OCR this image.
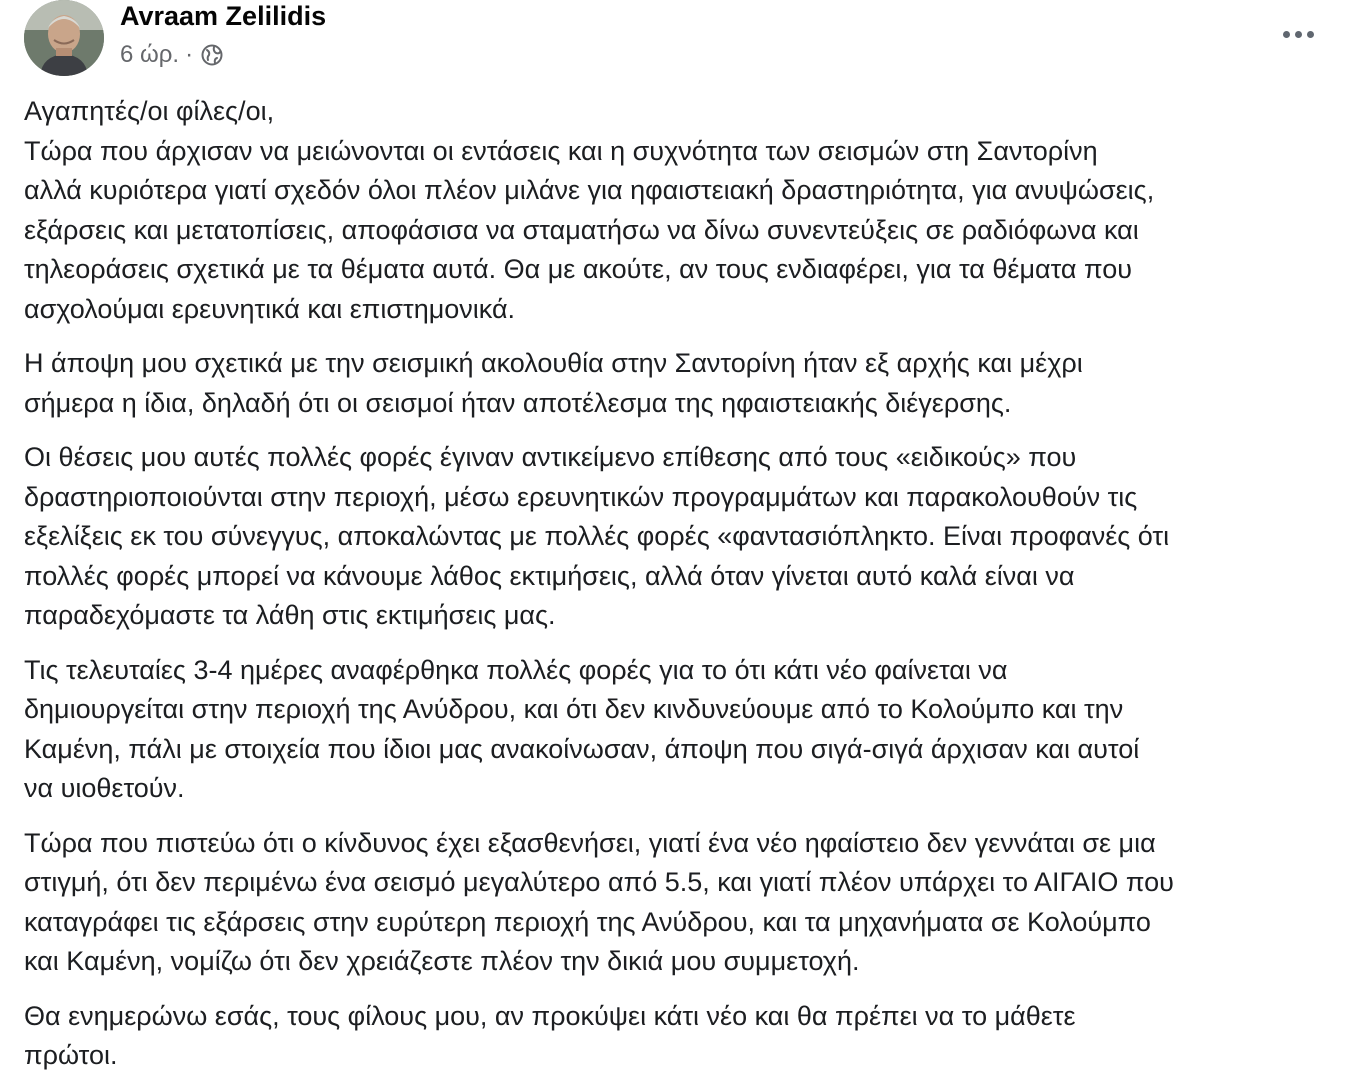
Avraam Zelilidis
6 ώρ. ·

Αγαπητές/οι φίλες/οι,
Τώρα που άρχισαν να μειώνονται οι εντάσεις και η συχνότητα των σεισμών στη Σαντορίνη
αλλά κυριότερα γιατί σχεδόν όλοι πλέον μιλάνε για ηφαιστειακή δραστηριότητα, για ανυψώσεις,
εξάρσεις και μετατοπίσεις, αποφάσισα να σταματήσω να δίνω συνεντεύξεις σε ραδιόφωνα και
τηλεοράσεις σχετικά με τα θέματα αυτά. Θα με ακούτε, αν τους ενδιαφέρει, για τα θέματα που
ασχολούμαι ερευνητικά και επιστημονικά.

Η άποψη μου σχετικά με την σεισμική ακολουθία στην Σαντορίνη ήταν εξ αρχής και μέχρι
σήμερα η ίδια, δηλαδή ότι οι σεισμοί ήταν αποτέλεσμα της ηφαιστειακής διέγερσης.

Οι θέσεις μου αυτές πολλές φορές έγιναν αντικείμενο επίθεσης από τους «ειδικούς» που
δραστηριοποιούνται στην περιοχή, μέσω ερευνητικών προγραμμάτων και παρακολουθούν τις
εξελίξεις εκ του σύνεγγυς, αποκαλώντας με πολλές φορές «φαντασιόπληκτο. Είναι προφανές ότι
πολλές φορές μπορεί να κάνουμε λάθος εκτιμήσεις, αλλά όταν γίνεται αυτό καλά είναι να
παραδεχόμαστε τα λάθη στις εκτιμήσεις μας.

Τις τελευταίες 3-4 ημέρες αναφέρθηκα πολλές φορές για το ότι κάτι νέο φαίνεται να
δημιουργείται στην περιοχή της Ανύδρου, και ότι δεν κινδυνεύουμε από το Κολούμπο και την
Καμένη, πάλι με στοιχεία που ίδιοι μας ανακοίνωσαν, άποψη που σιγά-σιγά άρχισαν και αυτοί
να υιοθετούν.

Τώρα που πιστεύω ότι ο κίνδυνος έχει εξασθενήσει, γιατί ένα νέο ηφαίστειο δεν γεννάται σε μια
στιγμή, ότι δεν περιμένω ένα σεισμό μεγαλύτερο από 5.5, και γιατί πλέον υπάρχει το ΑΙΓΑΙΟ που
καταγράφει τις εξάρσεις στην ευρύτερη περιοχή της Ανύδρου, και τα μηχανήματα σε Κολούμπο
και Καμένη, νομίζω ότι δεν χρειάζεστε πλέον την δικιά μου συμμετοχή.

Θα ενημερώνω εσάς, τους φίλους μου, αν προκύψει κάτι νέο και θα πρέπει να το μάθετε
πρώτοι.
